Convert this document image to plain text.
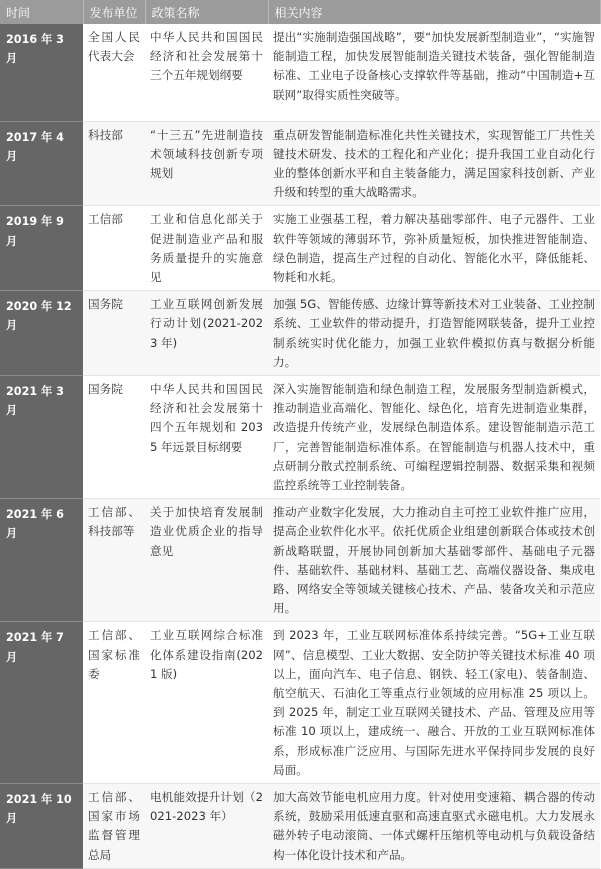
时间	发布单位	政策名称	相关内容
2016 年 3 月	全国人民代表大会	中华人民共和国国民经济和社会发展第十三个五年规划纲要	提出“实施制造强国战略”，要“加快发展新型制造业”，“实施智能制造工程，加快发展智能制造关键技术装备，强化智能制造标准、工业电子设备核心支撑软件等基础，推动“中国制造+互联网”取得实质性突破等。
2017 年 4 月	科技部	“十三五”先进制造技术领域科技创新专项规划	重点研发智能制造标准化共性关键技术，实现智能工厂共性关键技术研发、技术的工程化和产业化；提升我国工业自动化行业的整体创新水平和自主装备能力，满足国家科技创新、产业升级和转型的重大战略需求。
2019 年 9 月	工信部	工业和信息化部关于促进制造业产品和服务质量提升的实施意见	实施工业强基工程，着力解决基础零部件、电子元器件、工业软件等领域的薄弱环节，弥补质量短板，加快推进智能制造、绿色制造，提高生产过程的自动化、智能化水平，降低能耗、物耗和水耗。
2020 年 12 月	国务院	工业互联网创新发展行动计划(2021-2023 年)	加强 5G、智能传感、边缘计算等新技术对工业装备、工业控制系统、工业软件的带动提升，打造智能网联装备，提升工业控制系统实时优化能力，加强工业软件模拟仿真与数据分析能力。
2021 年 3 月	国务院	中华人民共和国国民经济和社会发展第十四个五年规划和 2035 年远景目标纲要	深入实施智能制造和绿色制造工程，发展服务型制造新模式，推动制造业高端化、智能化、绿色化，培育先进制造业集群，改造提升传统产业，发展绿色制造体系。建设智能制造示范工厂，完善智能制造标准体系。在智能制造与机器人技术中，重点研制分散式控制系统、可编程逻辑控制器、数据采集和视频监控系统等工业控制装备。
2021 年 6 月	工信部、科技部等	关于加快培育发展制造业优质企业的指导意见	推动产业数字化发展，大力推动自主可控工业软件推广应用，提高企业软件化水平。依托优质企业组建创新联合体或技术创新战略联盟，开展协同创新加大基础零部件、基础电子元器件、基础软件、基础材料、基础工艺、高端仪器设备、集成电路、网络安全等领域关键核心技术、产品、装备攻关和示范应用。
2021 年 7 月	工信部、国家标准委	工业互联网综合标准化体系建设指南(2021 版)	到 2023 年，工业互联网标准体系持续完善。“5G+工业互联网”、信息模型、工业大数据、安全防护等关键技术标准 40 项以上，面向汽车、电子信息、钢铁、轻工(家电)、装备制造、航空航天、石油化工等重点行业领域的应用标准 25 项以上。到 2025 年，制定工业互联网关键技术、产品、管理及应用等标准 10 项以上，建成统一、融合、开放的工业互联网标准体系，形成标准广泛应用、与国际先进水平保持同步发展的良好局面。
2021 年 10 月	工信部、国家市场监督管理总局	电机能效提升计划（2021-2023 年）	加大高效节能电机应用力度。针对使用变速箱、耦合器的传动系统，鼓励采用低速直驱和高速直驱式永磁电机。大力发展永磁外转子电动滚筒、一体式螺杆压缩机等电动机与负载设备结构一体化设计技术和产品。
